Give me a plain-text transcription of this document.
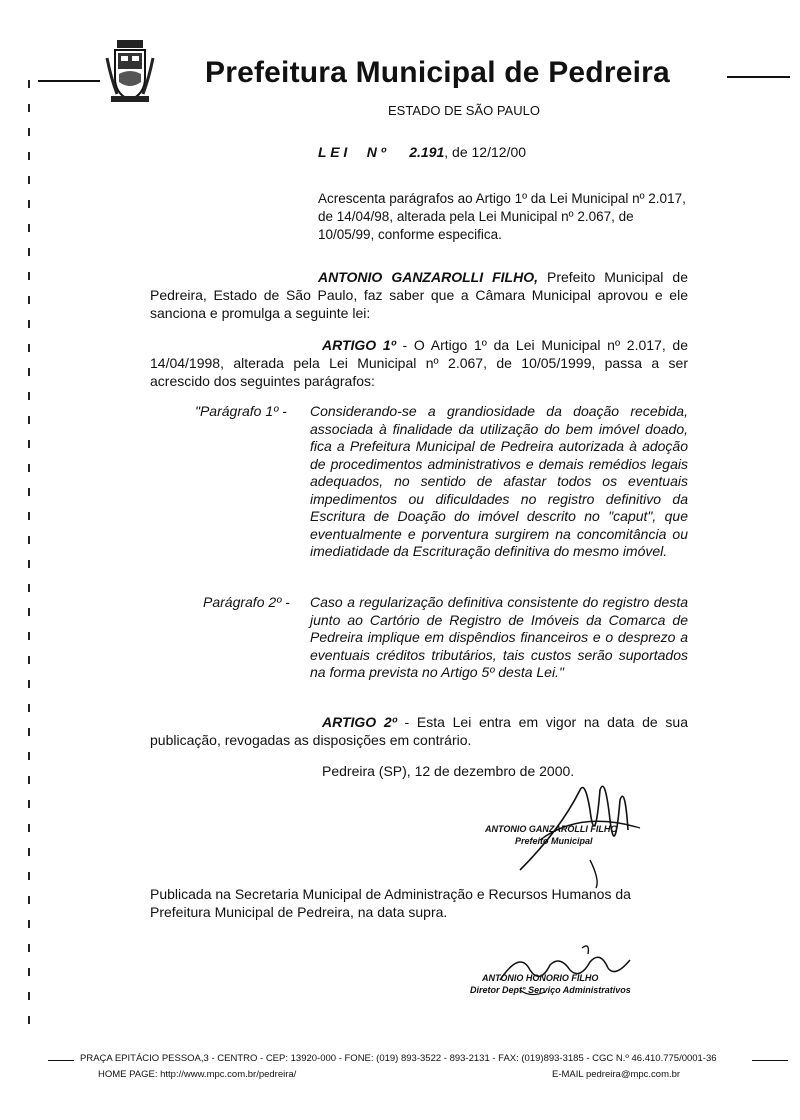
Prefeitura Municipal de Pedreira
ESTADO DE SÃO PAULO
L E I N º 2.191, de 12/12/00
Acrescenta parágrafos ao Artigo 1º da Lei Municipal nº 2.017, de 14/04/98, alterada pela Lei Municipal nº 2.067, de 10/05/99, conforme especifica.
ANTONIO GANZAROLLI FILHO, Prefeito Municipal de Pedreira, Estado de São Paulo, faz saber que a Câmara Municipal aprovou e ele sanciona e promulga a seguinte lei:
ARTIGO 1º - O Artigo 1º da Lei Municipal nº 2.017, de 14/04/1998, alterada pela Lei Municipal nº 2.067, de 10/05/1999, passa a ser acrescido dos seguintes parágrafos:
"Parágrafo 1º - Considerando-se a grandiosidade da doação recebida, associada à finalidade da utilização do bem imóvel doado, fica a Prefeitura Municipal de Pedreira autorizada à adoção de procedimentos administrativos e demais remédios legais adequados, no sentido de afastar todos os eventuais impedimentos ou dificuldades no registro definitivo da Escritura de Doação do imóvel descrito no "caput", que eventualmente e porventura surgirem na concomitância ou imediatidade da Escrituração definitiva do mesmo imóvel.
Parágrafo 2º - Caso a regularização definitiva consistente do registro desta junto ao Cartório de Registro de Imóveis da Comarca de Pedreira implique em dispêndios financeiros e o desprezo a eventuais créditos tributários, tais custos serão suportados na forma prevista no Artigo 5º desta Lei."
ARTIGO 2º - Esta Lei entra em vigor na data de sua publicação, revogadas as disposições em contrário.
Pedreira (SP), 12 de dezembro de 2000.
ANTONIO GANZAROLLI FILHO
Prefeito Municipal
Publicada na Secretaria Municipal de Administração e Recursos Humanos da Prefeitura Municipal de Pedreira, na data supra.
ANTONIO HONORIO FILHO
Diretor Dept° Serviço Administrativos
PRAÇA EPITÁCIO PESSOA,3 - CENTRO - CEP: 13920-000 - FONE: (019) 893-3522 - 893-2131 - FAX: (019)893-3185 - CGC N.º 46.410.775/0001-36
HOME PAGE: http://www.mpc.com.br/pedreira/	E-MAIL pedreira@mpc.com.br
